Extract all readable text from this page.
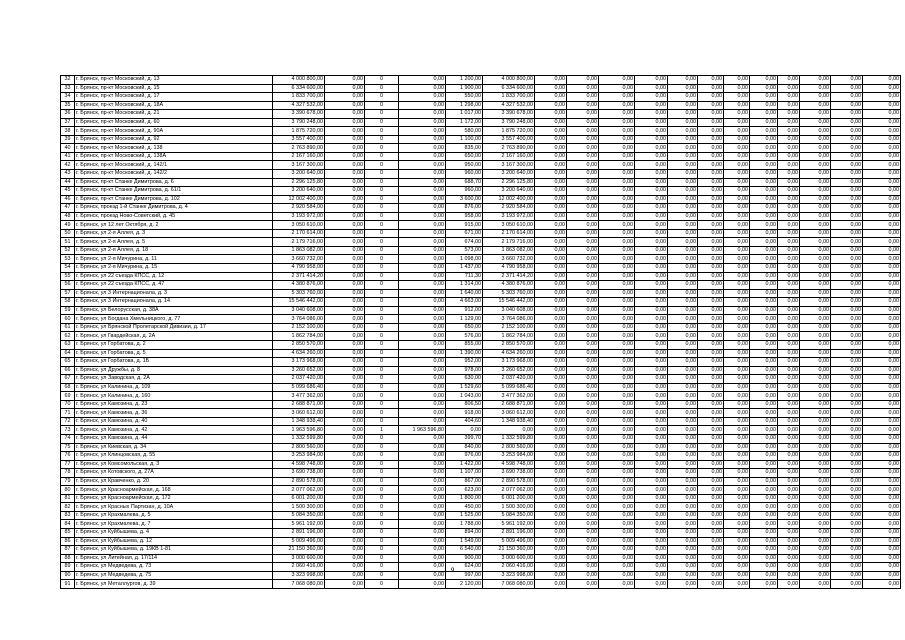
32	г. Брянск, пр-кт Московский, д. 13	4 000 800,00	0,00	0	0,00	1 200,00	4 000 800,00	0,00	0,00	0,00	0,00	0,00	0,00	0,00	0,00	0,00	0,00	0,00	0,00	
33	г. Брянск, пр-кт Московский, д. 15	6 334 600,00	0,00	0	0,00	1 900,00	6 334 600,00	0,00	0,00	0,00	0,00	0,00	0,00	0,00	0,00	0,00	0,00	0,00	0,00	
34	г. Брянск, пр-кт Московский, д. 17	1 833 700,00	0,00	0	0,00	550,00	1 833 700,00	0,00	0,00	0,00	0,00	0,00	0,00	0,00	0,00	0,00	0,00	0,00	0,00	
35	г. Брянск, пр-кт Московский, д. 18А	4 327 532,00	0,00	0	0,00	1 298,00	4 327 532,00	0,00	0,00	0,00	0,00	0,00	0,00	0,00	0,00	0,00	0,00	0,00	0,00	
36	г. Брянск, пр-кт Московский, д. 21	3 390 678,00	0,00	0	0,00	1 017,00	3 390 678,00	0,00	0,00	0,00	0,00	0,00	0,00	0,00	0,00	0,00	0,00	0,00	0,00	
37	г. Брянск, пр-кт Московский, д. 60	3 790 248,00	0,00	0	0,00	1 172,00	3 790 248,00	0,00	0,00	0,00	0,00	0,00	0,00	0,00	0,00	0,00	0,00	0,00	0,00	
38	г. Брянск, пр-кт Московский, д. 90А	1 875 720,00	0,00	0	0,00	580,00	1 875 720,00	0,00	0,00	0,00	0,00	0,00	0,00	0,00	0,00	0,00	0,00	0,00	0,00	
39	г. Брянск, пр-кт Московский, д. 92	3 557 400,00	0,00	0	0,00	1 100,00	3 557 400,00	0,00	0,00	0,00	0,00	0,00	0,00	0,00	0,00	0,00	0,00	0,00	0,00	
40	г. Брянск, пр-кт Московский, д. 138	2 763 890,00	0,00	0	0,00	835,00	2 763 890,00	0,00	0,00	0,00	0,00	0,00	0,00	0,00	0,00	0,00	0,00	0,00	0,00	
41	г. Брянск, пр-кт Московский, д. 138А	2 167 160,00	0,00	0	0,00	650,00	2 167 160,00	0,00	0,00	0,00	0,00	0,00	0,00	0,00	0,00	0,00	0,00	0,00	0,00	
42	г. Брянск, пр-кт Московский, д. 142/1	3 167 300,00	0,00	0	0,00	950,00	3 167 300,00	0,00	0,00	0,00	0,00	0,00	0,00	0,00	0,00	0,00	0,00	0,00	0,00	
43	г. Брянск, пр-кт Московский, д. 142/2	3 200 640,00	0,00	0	0,00	960,00	3 200 640,00	0,00	0,00	0,00	0,00	0,00	0,00	0,00	0,00	0,00	0,00	0,00	0,00	
44	г. Брянск, пр-кт Станке Димитрова, д. 6	2 296 125,80	0,00	0	0,00	688,70	2 296 125,80	0,00	0,00	0,00	0,00	0,00	0,00	0,00	0,00	0,00	0,00	0,00	0,00	
45	г. Брянск, пр-кт Станке Димитрова, д. 61/1	3 200 640,00	0,00	0	0,00	960,00	3 200 640,00	0,00	0,00	0,00	0,00	0,00	0,00	0,00	0,00	0,00	0,00	0,00	0,00	
46	г. Брянск, пр-кт Станке Димитрова, д. 102	12 002 400,00	0,00	0	0,00	3 600,00	12 002 400,00	0,00	0,00	0,00	0,00	0,00	0,00	0,00	0,00	0,00	0,00	0,00	0,00	
47	г. Брянск, проезд 1-й Станке Димитрова, д. 4	2 920 584,00	0,00	0	0,00	876,00	2 920 584,00	0,00	0,00	0,00	0,00	0,00	0,00	0,00	0,00	0,00	0,00	0,00	0,00	
48	г. Брянск, проезд Ново-Советский, д. 45	3 193 972,00	0,00	0	0,00	958,00	3 193 972,00	0,00	0,00	0,00	0,00	0,00	0,00	0,00	0,00	0,00	0,00	0,00	0,00	
49	г. Брянск, ул 12 лет Октября, д. 2	3 050 610,00	0,00	0	0,00	915,00	3 050 610,00	0,00	0,00	0,00	0,00	0,00	0,00	0,00	0,00	0,00	0,00	0,00	0,00	
50	г. Брянск, ул 2-я Аллея, д. 3	2 170 614,00	0,00	0	0,00	671,00	2 170 614,00	0,00	0,00	0,00	0,00	0,00	0,00	0,00	0,00	0,00	0,00	0,00	0,00	
51	г. Брянск, ул 2-я Аллея, д. 5	2 179 716,00	0,00	0	0,00	674,00	2 179 716,00	0,00	0,00	0,00	0,00	0,00	0,00	0,00	0,00	0,00	0,00	0,00	0,00	
52	г. Брянск, ул 2-я Аллея, д. 18	1 863 082,00	0,00	0	0,00	573,00	1 863 082,00	0,00	0,00	0,00	0,00	0,00	0,00	0,00	0,00	0,00	0,00	0,00	0,00	
53	г. Брянск, ул 2-я Мичурина, д. 11	3 660 732,00	0,00	0	0,00	1 098,00	3 660 732,00	0,00	0,00	0,00	0,00	0,00	0,00	0,00	0,00	0,00	0,00	0,00	0,00	
54	г. Брянск, ул 2-я Мичурина, д. 15	4 790 958,00	0,00	0	0,00	1 437,00	4 790 958,00	0,00	0,00	0,00	0,00	0,00	0,00	0,00	0,00	0,00	0,00	0,00	0,00	
55	г. Брянск, ул 22 съезда КПСС, д. 12	2 371 414,20	0,00	0	0,00	711,30	2 371 414,20	0,00	0,00	0,00	0,00	0,00	0,00	0,00	0,00	0,00	0,00	0,00	0,00	
56	г. Брянск, ул 22 съезда КПСС, д. 47	4 380 876,00	0,00	0	0,00	1 314,00	4 380 876,00	0,00	0,00	0,00	0,00	0,00	0,00	0,00	0,00	0,00	0,00	0,00	0,00	
57	г. Брянск, ул 3 Интернационала, д. 3	5 303 760,00	0,00	0	0,00	1 640,00	5 303 760,00	0,00	0,00	0,00	0,00	0,00	0,00	0,00	0,00	0,00	0,00	0,00	0,00	
58	г. Брянск, ул 3 Интернационала, д. 14	15 546 442,00	0,00	0	0,00	4 663,00	15 546 442,00	0,00	0,00	0,00	0,00	0,00	0,00	0,00	0,00	0,00	0,00	0,00	0,00	
59	г. Брянск, ул Белорусская, д. 38А	3 040 608,00	0,00	0	0,00	912,00	3 040 608,00	0,00	0,00	0,00	0,00	0,00	0,00	0,00	0,00	0,00	0,00	0,00	0,00	
60	г. Брянск, ул Богдана Хмельницкого, д. 77	3 764 086,00	0,00	0	0,00	1 129,00	3 764 086,00	0,00	0,00	0,00	0,00	0,00	0,00	0,00	0,00	0,00	0,00	0,00	0,00	
61	г. Брянск, ул Брянской Пролетарской Дивизии, д. 17	2 152 100,00	0,00	0	0,00	650,00	2 152 100,00	0,00	0,00	0,00	0,00	0,00	0,00	0,00	0,00	0,00	0,00	0,00	0,00	
62	г. Брянск, ул Гвардейская, д. 2А	1 862 784,00	0,00	0	0,00	576,00	1 862 784,00	0,00	0,00	0,00	0,00	0,00	0,00	0,00	0,00	0,00	0,00	0,00	0,00	
63	г. Брянск, ул Горбатова, д. 2	2 850 570,00	0,00	0	0,00	855,00	2 850 570,00	0,00	0,00	0,00	0,00	0,00	0,00	0,00	0,00	0,00	0,00	0,00	0,00	
64	г. Брянск, ул Горбатова, д. 5	4 634 260,00	0,00	0	0,00	1 390,00	4 634 260,00	0,00	0,00	0,00	0,00	0,00	0,00	0,00	0,00	0,00	0,00	0,00	0,00	
65	г. Брянск, ул Горбатова, д. 1Б	3 173 968,00	0,00	0	0,00	952,00	3 173 968,00	0,00	0,00	0,00	0,00	0,00	0,00	0,00	0,00	0,00	0,00	0,00	0,00	
66	г. Брянск, ул Дружбы, д. 8	3 260 652,00	0,00	0	0,00	978,00	3 260 652,00	0,00	0,00	0,00	0,00	0,00	0,00	0,00	0,00	0,00	0,00	0,00	0,00	
67	г. Брянск, ул Заводская, д. 2А	2 037 420,00	0,00	0	0,00	630,00	2 037 420,00	0,00	0,00	0,00	0,00	0,00	0,00	0,00	0,00	0,00	0,00	0,00	0,00	
68	г. Брянск, ул Калинина, д. 109	5 099 686,40	0,00	0	0,00	1 529,60	5 099 686,40	0,00	0,00	0,00	0,00	0,00	0,00	0,00	0,00	0,00	0,00	0,00	0,00	
69	г. Брянск, ул Калинина, д. 160	3 477 362,00	0,00	0	0,00	1 043,00	3 477 362,00	0,00	0,00	0,00	0,00	0,00	0,00	0,00	0,00	0,00	0,00	0,00	0,00	
70	г. Брянск, ул Камозина, д. 23	2 688 871,00	0,00	0	0,00	806,50	2 688 871,00	0,00	0,00	0,00	0,00	0,00	0,00	0,00	0,00	0,00	0,00	0,00	0,00	
71	г. Брянск, ул Камозина, д. 36	3 060 612,00	0,00	0	0,00	918,00	3 060 612,00	0,00	0,00	0,00	0,00	0,00	0,00	0,00	0,00	0,00	0,00	0,00	0,00	
72	г. Брянск, ул Камозина, д. 40	1 348 938,40	0,00	0	0,00	404,60	1 348 938,40	0,00	0,00	0,00	0,00	0,00	0,00	0,00	0,00	0,00	0,00	0,00	0,00	
73	г. Брянск, ул Камозина, д. 42	1 963 596,80	0,00	1	1 963 596,80	0,00	0,00	0,00	0,00	0,00	0,00	0,00	0,00	0,00	0,00	0,00	0,00	0,00	0,00	
74	г. Брянск, ул Камозина, д. 44	1 332 599,80	0,00	0	0,00	399,70	1 332 599,80	0,00	0,00	0,00	0,00	0,00	0,00	0,00	0,00	0,00	0,00	0,00	0,00	
75	г. Брянск, ул Киевская, д. 34	2 800 560,00	0,00	0	0,00	840,00	2 800 560,00	0,00	0,00	0,00	0,00	0,00	0,00	0,00	0,00	0,00	0,00	0,00	0,00	
76	г. Брянск, ул Клинцовская, д. 55	3 253 984,00	0,00	0	0,00	976,00	3 253 984,00	0,00	0,00	0,00	0,00	0,00	0,00	0,00	0,00	0,00	0,00	0,00	0,00	
77	г. Брянск, ул Комсомольская, д. 3	4 598 748,00	0,00	0	0,00	1 422,00	4 598 748,00	0,00	0,00	0,00	0,00	0,00	0,00	0,00	0,00	0,00	0,00	0,00	0,00	
78	г. Брянск, ул Котовского, д. 27А	3 690 738,00	0,00	0	0,00	1 107,00	3 690 738,00	0,00	0,00	0,00	0,00	0,00	0,00	0,00	0,00	0,00	0,00	0,00	0,00	
79	г. Брянск, ул Кравченко, д. 20	2 890 578,00	0,00	0	0,00	867,00	2 890 578,00	0,00	0,00	0,00	0,00	0,00	0,00	0,00	0,00	0,00	0,00	0,00	0,00	
80	г. Брянск, ул Красноармейская, д. 168	2 077 062,00	0,00	0	0,00	623,00	2 077 062,00	0,00	0,00	0,00	0,00	0,00	0,00	0,00	0,00	0,00	0,00	0,00	0,00	
81	г. Брянск, ул Красноармейская, д. 172	6 001 200,00	0,00	0	0,00	1 800,00	6 001 200,00	0,00	0,00	0,00	0,00	0,00	0,00	0,00	0,00	0,00	0,00	0,00	0,00	
82	г. Брянск, ул Красных Партизан, д. 10А	1 500 300,00	0,00	0	0,00	450,00	1 500 300,00	0,00	0,00	0,00	0,00	0,00	0,00	0,00	0,00	0,00	0,00	0,00	0,00	
83	г. Брянск, ул Крахмалева, д. 5	5 084 350,00	0,00	0	0,00	1 525,00	5 084 350,00	0,00	0,00	0,00	0,00	0,00	0,00	0,00	0,00	0,00	0,00	0,00	0,00	
84	г. Брянск, ул Крахмалева, д. 7	5 961 192,00	0,00	0	0,00	1 788,00	5 961 192,00	0,00	0,00	0,00	0,00	0,00	0,00	0,00	0,00	0,00	0,00	0,00	0,00	
85	г. Брянск, ул Куйбышева, д. 4	2 891 196,00	0,00	0	0,00	894,00	2 891 196,00	0,00	0,00	0,00	0,00	0,00	0,00	0,00	0,00	0,00	0,00	0,00	0,00	
86	г. Брянск, ул Куйбышева, д. 12	5 009 496,00	0,00	0	0,00	1 549,00	5 009 496,00	0,00	0,00	0,00	0,00	0,00	0,00	0,00	0,00	0,00	0,00	0,00	0,00	
87	г. Брянск, ул Куйбышева, д. 19КВ 1-81	21 150 360,00	0,00	0	0,00	6 540,00	21 150 360,00	0,00	0,00	0,00	0,00	0,00	0,00	0,00	0,00	0,00	0,00	0,00	0,00	
88	г. Брянск, ул Литейная, д. 17/114	3 000 600,00	0,00	0	0,00	900,00	3 000 600,00	0,00	0,00	0,00	0,00	0,00	0,00	0,00	0,00	0,00	0,00	0,00	0,00	
89	г. Брянск, ул Медведева, д. 73	2 060 416,00	0,00	0	0,00	624,00	2 060 416,00	0,00	0,00	0,00	0,00	0,00	0,00	0,00	0,00	0,00	0,00	0,00	0,00	
90	г. Брянск, ул Медведева, д. 75	3 323 998,00	0,00	0	0,00	997,00	3 323 998,00	0,00	0,00	0,00	0,00	0,00	0,00	0,00	0,00	0,00	0,00	0,00	0,00	
91	г. Брянск, ул Металлургов, д. 39	7 068 080,00	0,00	0	0,00	2 120,00	7 068 080,00	0,00	0,00	0,00	0,00	0,00	0,00	0,00	0,00	0,00	0,00	0,00	0,00	
9
